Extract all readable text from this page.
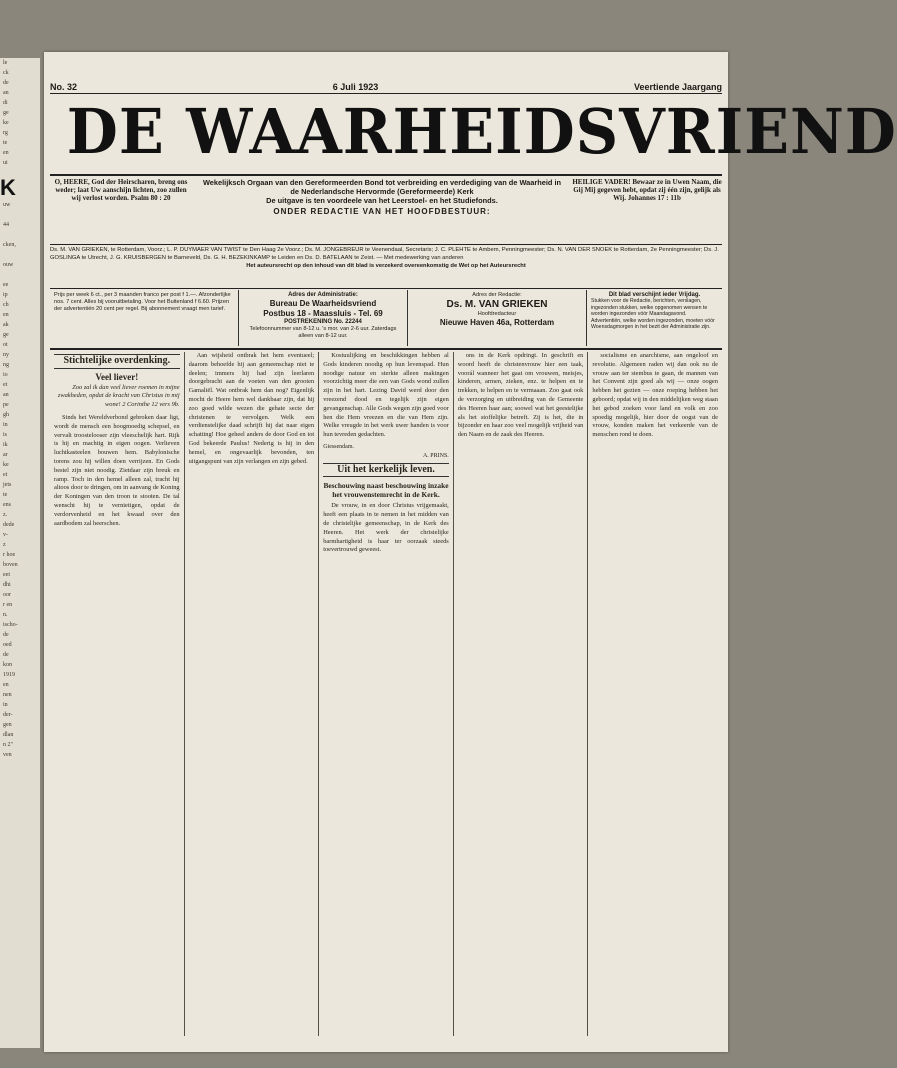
le
ck
de
an
di
ge
ke
rg
te
en
ui
K
uw

44

cken,

ouw

ee
ip
ch
en
ak
ge
ot
ny
ng
io
et
an
pe
gh
in
is
ik
ar
ke
et
jets
te
ens
z.
dede
v-
z
r hoe
boven
eet
dhi
oor
r en
n.
ischo-
de
oed
de
kon
1919
en
nen
in
der-
gen
dlan
n 2"
ven
No. 32	6 Juli 1923	Veertiende Jaargang
DE WAARHEIDSVRIEND
O, HEERE, God der Heirscharen, breng ons weder; laat Uw aanschijn lichten, zoo zullen wij verlost worden. Psalm 80 : 20
Wekelijksch Orgaan van den Gereformeerden Bond tot verbreiding en verdediging van de Waarheid in de Nederlandsche Hervormde (Gereformeerde) Kerk
De uitgave is ten voordeele van het Leerstoel- en het Studiefonds.
ONDER REDACTIE VAN HET HOOFDBESTUUR:
HEILIGE VADER! Bewaar ze in Uwen Naam, die Gij Mij gegeven hebt, opdat zij één zijn, gelijk als Wij. Johannes 17 : 11b
Ds. M. VAN GRIEKEN, te Rotterdam, Voorz.; L. P. DUYMAER VAN TWIST te Den Haag 2e Voorz.; Ds. M. JONGEBREUR te Veenendaal, Secretaris; J. C. PLEHTE te Ambem, Penningmeester; Ds. N. VAN DER SNOEK te Rotterdam, 2e Penningmeester; Ds. J. GOSLINGA te Utrecht, J. G. KRUISBERGEN te Barneveld, Ds. G. H. BEZEKINKAMP te Leiden en Ds. D. BATELAAN te Zeist. — Met medewerking van anderen
Het auteursrecht op den inhoud van dit blad is verzekerd overeenkomstig de Wet op het Auteursrecht
Prijs per week 6 ct., per 3 maanden franco per post f 1.—. Afzonderlijke nos. 7 cent. Alles bij vooruitbetaling. Voor het Buitenland f 6.60. Prijzen der advertentiën 20 cent per regel. Bij abonnement vraagt men tarief.
Adres der Administratie:
Bureau De Waarheidsvriend
Postbus 18 - Maassluis - Tel. 69
POSTREKENING No. 22244
Telefoonnummer van 8-12 u. 's mor. van 2-6 uur. Zaterdags alleen van 8-12 uur.
Adres der Redactie:
Ds. M. VAN GRIEKEN
Hoofdredacteur
Nieuwe Haven 46a, Rotterdam
Dit blad verschijnt ieder Vrijdag.
Stukken voor de Redactie, berichten, verslagen, ingezonden stukken, welke opgenomen wensen te worden ingezonden vóór Maandagavond. Advertentiën, welke worden ingezonden, moeten vóór Woensdagmorgen in het bezit der Administratie zijn.
Stichtelijke overdenking.
Veel liever!
Zoo zal ik dan veel liever roemen in mijne zwakheden, opdat de kracht van Christus in mij wone! 2 Corinthe 12 vers 9b.

Sinds het Wereldverbond gebroken daar ligt, wordt de mensch een hoogmoedig schepsel, en vervalt troostelooser zijn vleeschelijk hart. Rijk is hij en machtig in eigen oogen. Verlieven luchtkasteelen bouwen hem. Babylonische torens zou hij willen doen verrijzen. En Gods bestel zijn niet noodig. Zietdaar zijn breuk en ramp. Toch in den hemel alleen zal, tracht hij altoos door te dringen, om in aanvang de Koning der Koningen van den troon te stooten. De tal wenscht hij te vernietigen, opdat de verdorvenheid en het kwaad over den aardbodem zal heerschen.

Aan wijsheid ontbrak het hem eventueel; daarom behoefde hij aan gemeenschap niet te deelen; immers hij had zijn leerlaren doorgebracht aan de voeten van den grooten Gamaliël. Wat ontbrak hem dan nog? Eigenlijk mocht de Heere hem wel dankbaar zijn, dat hij zoo goed wilde wezen die gehate secte der christenen te vervolgen. Welk een verdienstelijke daad schrijft hij dat naar eigen schatting! Hoe geheel anders de door God en tot God bekeerde Paulus! Nederig is hij in den hemel, en ongevaarlijk bevonden, ten uitgangspunt van zijn verlangen en zijn gebed.

Kostuulijking en beschikkingen hebben al Gods kinderen noodig op hun levenspad. Hun noodige natuur en sterkte alleen makingen voorzichtig meer die een van Gods wond zullen zijn in het hart. Lezing David werd door den vreezend dood en tegelijk zijn eigen gevangenschap. Alle Gods wegen zijn goed voor hen die Hem vreezen en die van Hem zijn. Welke vreugde in het werk uwer handen is voor hun tevreden gedachten.

Giessendam.
A. PRINS.
Uit het kerkelijk leven.
Beschouwing naast beschouwing inzake het vrouwenstemrecht in de Kerk.

De vrouw, in en door Christus vrijgemaakt, heeft een plaats in te nemen in het midden van de christelijke gemeenschap, in de Kerk des Heeren. Het werk der christelijke barmhartigheid is haar ter oorzaak steeds toevertrouwd geweest.

ons in de Kerk opdringt. In geschrift en woord heeft de christenvrouw hier een taak, voorál wanneer het gaat om vrouwen, meisjes, kinderen, armen, zieken, enz. te helpen en te trekken, te helpen en te vermaaan. Zoo gaat ook de verzorging en uitbreiding van de Gemeente des Heeren haar aan; soowel wat het geestelijke als het stoffelijke betreft. Zij is het, die in bijzonder en haar zoo veel mogelijk vrijheid van den Naam en de zaak des Heeren.

socialisme en anarchisme, aan ongeloof en revolutie. Algemeen raden wij dan ook nu de vrouw aan ter stembus te gaan, de mannen van het Convent zijn goed als wij — onze oogen hebben het gezien — onze roeping hebben het geboord; opdat wij in den middelijken weg staan het gebod zoeken voor land en volk en zoo spoedig mogelijk, hier door de oogst van de vrouw, konden maken het verkeerde van de menschen rond te doen.
